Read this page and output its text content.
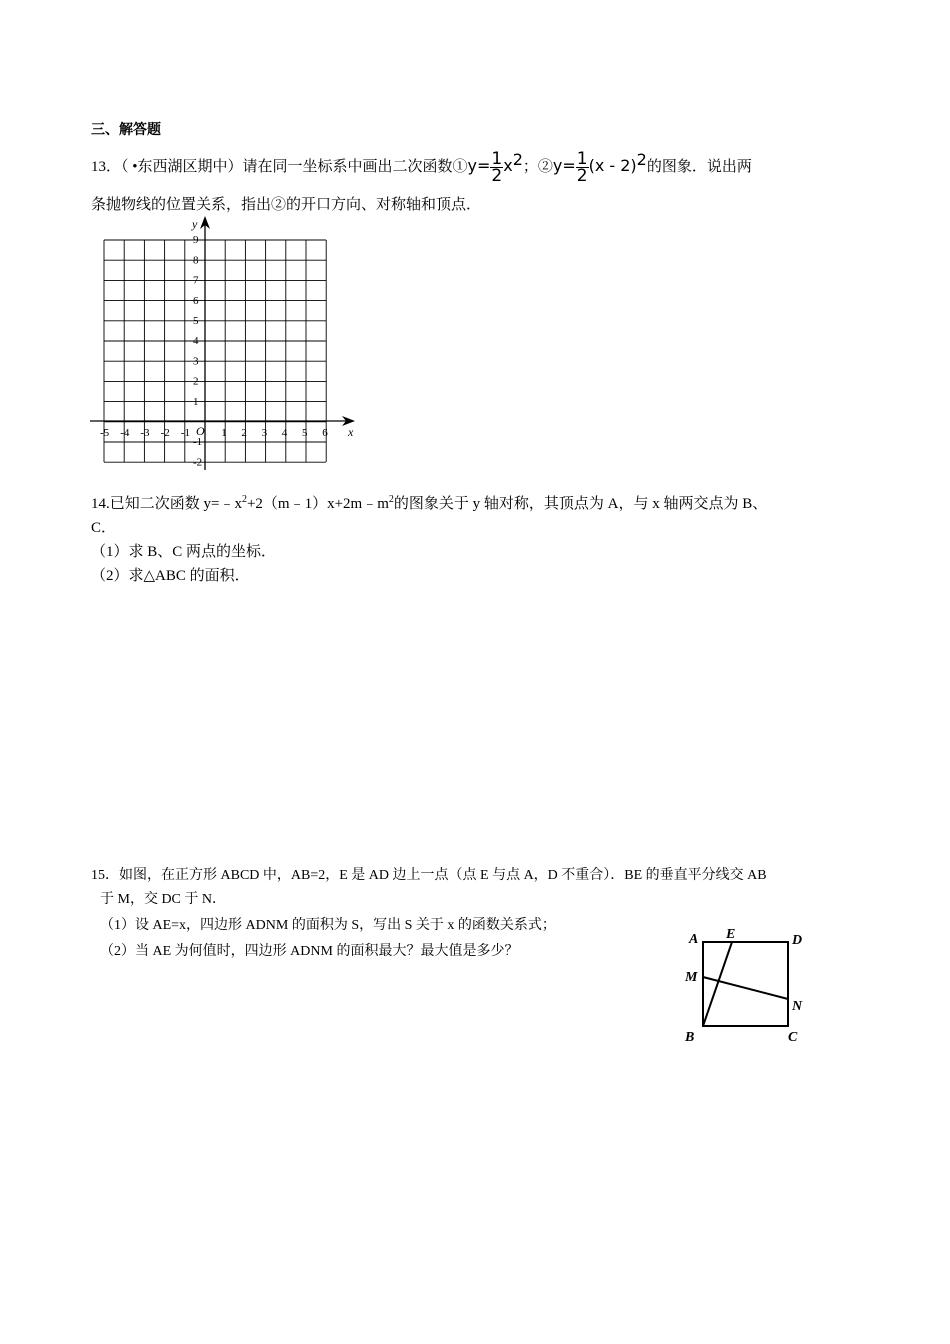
三、解答题
13．（ •东西湖区期中）请在同一坐标系中画出二次函数①y= $\frac{1}{2} x^2$；②y= $\frac{1}{2} (x - 2)^2$的图象．说出两
条抛物线的位置关系，指出②的开口方向、对称轴和顶点．
y
x
O
-5 -4 -3 -2 -1	1 2 3 4 5 6
9
8
7
6
5
4
3
2
1
-1
-2
14.已知二次函数 $y=﹣x^2+2(m﹣1)x+2m﹣m^2$的图象关于 y 轴对称，其顶点为 A，与 x 轴两交点为 B、
C．
（1）求 B、C 两点的坐标．
（2）求△ABC 的面积．
15．如图，在正方形 ABCD 中，AB=2，E 是 AD 边上一点（点 E 与点 A，D 不重合）．BE 的垂直平分线交 AB
于 M，交 DC 于 N．
（1）设 AE=x，四边形 ADNM 的面积为 S，写出 S 关于 x 的函数关系式；
（2）当 AE 为何值时，四边形 ADNM 的面积最大？最大值是多少？
A E	D
M
N
B	C
